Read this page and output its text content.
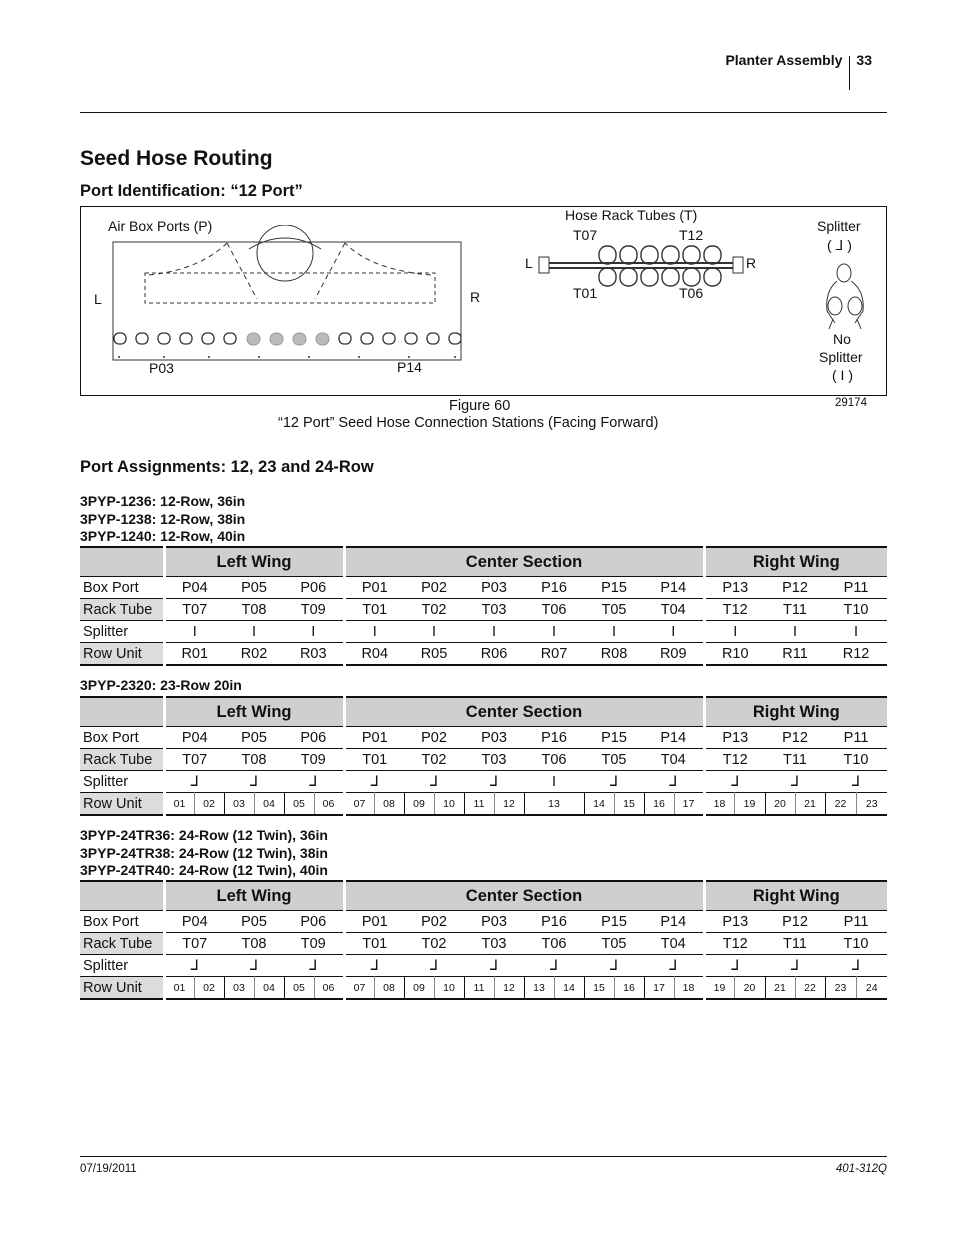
Planter Assembly	33
Seed Hose Routing
Port Identification: “12 Port”
Air Box Ports (P)
L	R
P03	P14
Hose Rack Tubes (T)
T07	T12
T01	T06
L	R
Splitter
( ⅃ )
No
Splitter
( I )
Figure 60
“12 Port” Seed Hose Connection Stations (Facing Forward)
29174
Port Assignments: 12, 23 and 24-Row
3PYP-1236: 12-Row, 36in
3PYP-1238: 12-Row, 38in
3PYP-1240: 12-Row, 40in
	Left Wing			Center Section						Right Wing		
Box Port	P04	P05	P06	P01	P02	P03	P16	P15	P14	P13	P12	P11
Rack Tube	T07	T08	T09	T01	T02	T03	T06	T05	T04	T12	T11	T10
Splitter	I	I	I	I	I	I	I	I	I	I	I	I
Row Unit	R01	R02	R03	R04	R05	R06	R07	R08	R09	R10	R11	R12
3PYP-2320: 23-Row 20in
	Left Wing						Center Section											Right Wing					
Box Port	P04		P05		P06		P01		P02		P03		P16	P15		P14		P13		P12		P11	
Rack Tube	T07		T08		T09		T01		T02		T03		T06	T05		T04		T12		T11		T10	
Splitter	⅃		⅃		⅃		⅃		⅃		⅃		I	⅃		⅃		⅃		⅃		⅃	
Row Unit	01	02	03	04	05	06	07	08	09	10	11	12	13	14	15	16	17	18	19	20	21	22	23
3PYP-24TR36: 24-Row (12 Twin), 36in
3PYP-24TR38: 24-Row (12 Twin), 38in
3PYP-24TR40: 24-Row (12 Twin), 40in
	Left Wing						Center Section												Right Wing					
Box Port	P04		P05		P06		P01		P02		P03		P16		P15		P14		P13		P12		P11	
Rack Tube	T07		T08		T09		T01		T02		T03		T06		T05		T04		T12		T11		T10	
Splitter	⅃		⅃		⅃		⅃		⅃		⅃		⅃		⅃		⅃		⅃		⅃		⅃	
Row Unit	01	02	03	04	05	06	07	08	09	10	11	12	13	14	15	16	17	18	19	20	21	22	23	24
07/19/2011	401-312Q
